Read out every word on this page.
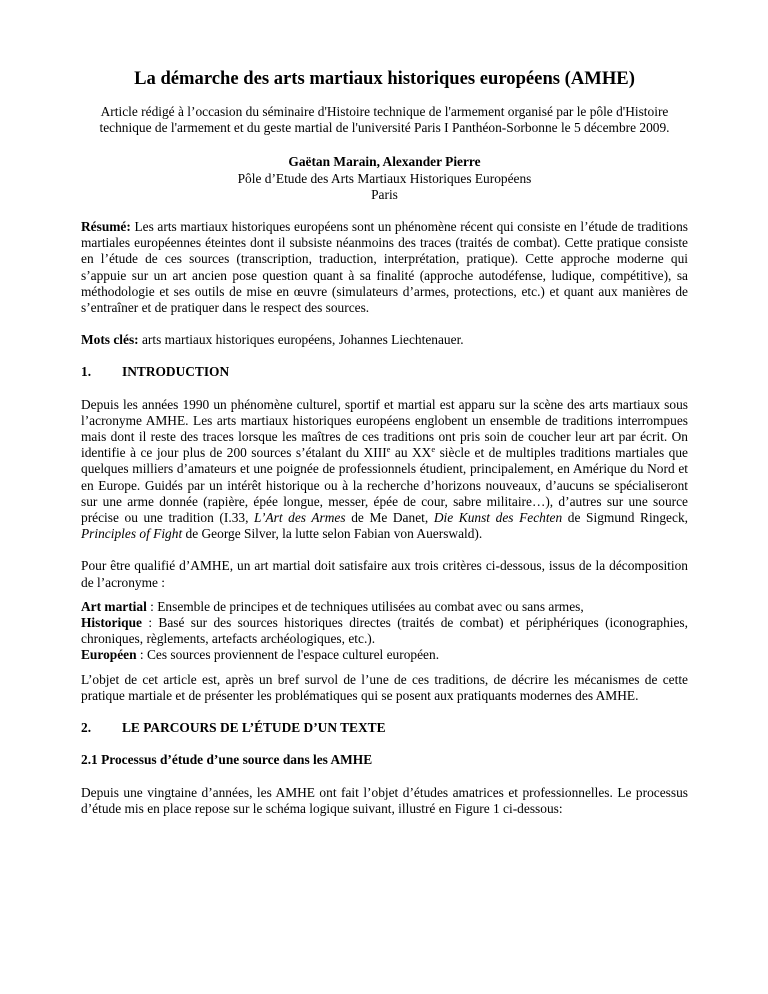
La démarche des arts martiaux historiques européens (AMHE)

Article rédigé à l’occasion du séminaire d'Histoire technique de l'armement organisé par le pôle d'Histoire technique de l'armement et du geste martial de l'université Paris I Panthéon-Sorbonne le 5 décembre 2009.

Gaëtan Marain, Alexander Pierre
Pôle d’Etude des Arts Martiaux Historiques Européens
Paris

Résumé: Les arts martiaux historiques européens sont un phénomène récent qui consiste en l’étude de traditions martiales européennes éteintes dont il subsiste néanmoins des traces (traités de combat). Cette pratique consiste en l’étude de ces sources (transcription, traduction, interprétation, pratique). Cette approche moderne qui s’appuie sur un art ancien pose question quant à sa finalité (approche autodéfense, ludique, compétitive), sa méthodologie et ses outils de mise en œuvre (simulateurs d’armes, protections, etc.) et quant aux manières de s’entraîner et de pratiquer dans le respect des sources.

Mots clés: arts martiaux historiques européens, Johannes Liechtenauer.

1.	INTRODUCTION

Depuis les années 1990 un phénomène culturel, sportif et martial est apparu sur la scène des arts martiaux sous l’acronyme AMHE. Les arts martiaux historiques européens englobent un ensemble de traditions interrompues mais dont il reste des traces lorsque les maîtres de ces traditions ont pris soin de coucher leur art par écrit. On identifie à ce jour plus de 200 sources s’étalant du XIIIe au XXe siècle et de multiples traditions martiales que quelques milliers d’amateurs et une poignée de professionnels étudient, principalement, en Amérique du Nord et en Europe. Guidés par un intérêt historique ou à la recherche d’horizons nouveaux, d’aucuns se spécialiseront sur une arme donnée (rapière, épée longue, messer, épée de cour, sabre militaire…), d’autres sur une source précise ou une tradition (I.33, L’Art des Armes de Me Danet, Die Kunst des Fechten de Sigmund Ringeck, Principles of Fight de George Silver, la lutte selon Fabian von Auerswald).

Pour être qualifié d’AMHE, un art martial doit satisfaire aux trois critères ci-dessous, issus de la décomposition de l’acronyme :

Art martial : Ensemble de principes et de techniques utilisées au combat avec ou sans armes,

Historique : Basé sur des sources historiques directes (traités de combat) et périphériques (iconographies, chroniques, règlements, artefacts archéologiques, etc.).

Européen : Ces sources proviennent de l'espace culturel européen.

L’objet de cet article est, après un bref survol de l’une de ces traditions, de décrire les mécanismes de cette pratique martiale et de présenter les problématiques qui se posent aux pratiquants modernes des AMHE.

2.	LE PARCOURS DE L’ÉTUDE D’UN TEXTE
2.1 Processus d’étude d’une source dans les AMHE

Depuis une vingtaine d’années, les AMHE ont fait l’objet d’études amatrices et professionnelles. Le processus d’étude mis en place repose sur le schéma logique suivant, illustré en Figure 1 ci-dessous:
